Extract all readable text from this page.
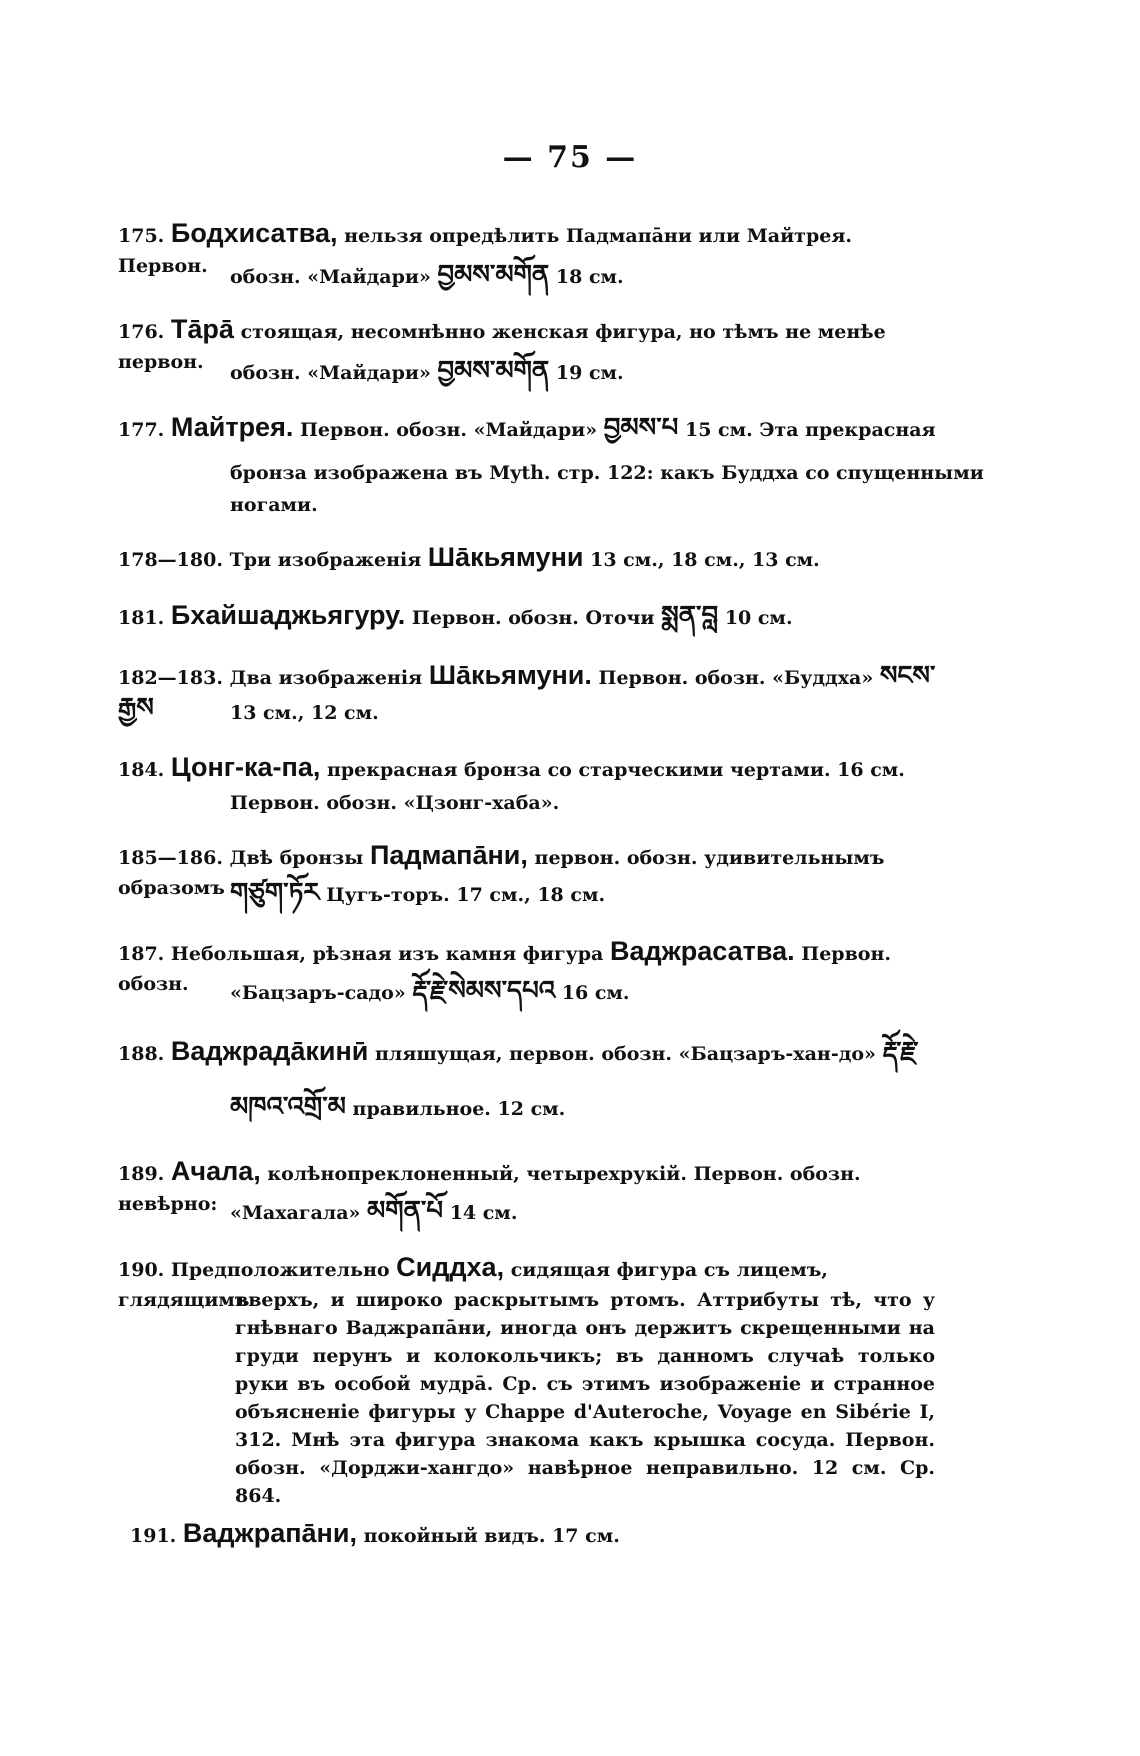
— 75 —
175. Бодхисатва, нельзя опредѣлить Падмапāни или Майтрея. Первон.	обозн. «Майдари» བྱམས་མགོན 18 см.
176. Тāрā стоящая, несомнѣнно женская фигура, но тѣмъ не менѣе первон.	обозн. «Майдари» བྱམས་མགོན 19 см.
177. Майтрея. Первон. обозн. «Майдари» བྱམས་པ 15 см. Эта прекрасная
бронза изображена въ Myth. стр. 122: какъ Буддха со спущенными
ногами.
178—180. Три изображенія Шāкьямуни 13 см., 18 см., 13 см.
181. Бхайшаджьягуру. Первон. обозн. Оточи སྨན་བླ 10 см.
182—183. Два изображенія Шāкьямуни. Первон. обозн. «Буддха» སངས་རྒྱས	13 см., 12 см.
184. Цонг-ка-па, прекрасная бронза со старческими чертами. 16 см.
Первон. обозн. «Цзонг-хаба».
185—186. Двѣ бронзы Падмапāни, первон. обозн. удивительнымъ образомъ གཙུག་ཏོར Цугъ-торъ. 17 см., 18 см.
187. Небольшая, рѣзная изъ камня фигура Ваджрасатва. Первон. обозн.	«Бацзаръ-садо» རྡོ་རྗེ་སེམས་དཔའ 16 см.
188. Ваджрадāкинӣ пляшущая, первон. обозн. «Бацзаръ-хан-до» རྡོ་རྗེ་
མཁའ་འགྲོ་མ правильное. 12 см.
189. Ачала, колѣнопреклоненный, четырехрукій. Первон. обозн. невѣрно: «Махагала» མགོན་པོ 14 см.
190. Предположительно Сиддха, сидящая фигура съ лицемъ, глядящимъ
вверхъ, и широко раскрытымъ ртомъ. Аттрибуты тѣ, что у гнѣвнаго Ваджрапāни, иногда онъ держитъ скрещенными на груди перунъ и колокольчикъ; въ данномъ случаѣ только руки въ особой мудрā. Ср. съ этимъ изображеніе и странное объясненіе фигуры у Chappe d'Auteroche, Voyage en Sibérie I, 312. Мнѣ эта фигура знакома какъ крышка сосуда. Первон. обозн. «Дорджи-хангдо» навѣрное неправильно. 12 см. Ср. 864.
191. Ваджрапāни, покойный видъ. 17 см.
